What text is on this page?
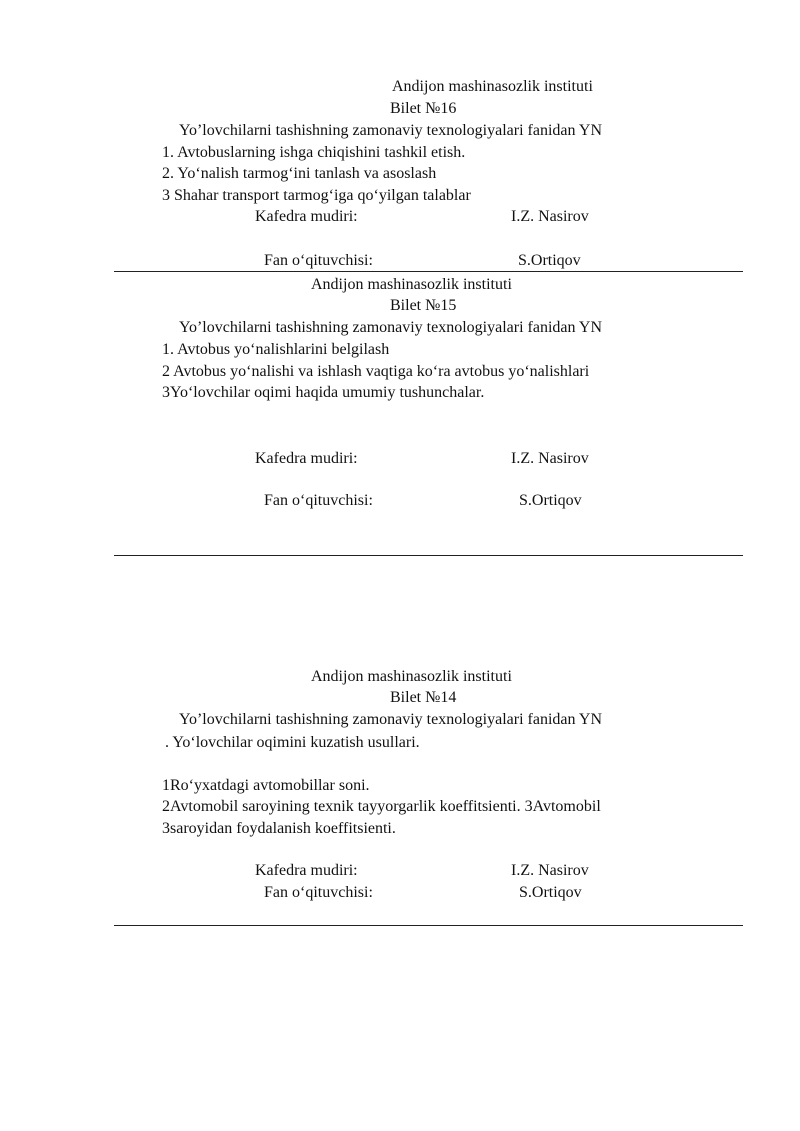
Andijon mashinasozlik instituti
Bilet №16
Yo’lovchilarni tashishning zamonaviy texnologiyalari fanidan YN
1. Avtobuslarning ishga chiqishini tashkil etish.
2. Yo‘nalish tarmog‘ini tanlash va asoslash
3 Shahar transport tarmog‘iga qo‘yilgan talablar
Kafedra mudiri:	I.Z. Nasirov
Fan o‘qituvchisi:	S.Ortiqov
Andijon mashinasozlik instituti
Bilet №15
Yo’lovchilarni tashishning zamonaviy texnologiyalari fanidan YN
1. Avtobus yo‘nalishlarini belgilash
2 Avtobus yo‘nalishi va ishlash vaqtiga ko‘ra avtobus yo‘nalishlari
3Yo‘lovchilar oqimi haqida umumiy tushunchalar.
Kafedra mudiri:	I.Z. Nasirov
Fan o‘qituvchisi:	S.Ortiqov
Andijon mashinasozlik instituti
Bilet №14
Yo’lovchilarni tashishning zamonaviy texnologiyalari fanidan YN
. Yo‘lovchilar oqimini kuzatish usullari.
1Ro‘yxatdagi avtomobillar soni.
2Avtomobil saroyining texnik tayyorgarlik koeffitsienti. 3Avtomobil
3saroyidan foydalanish koeffitsienti.
Kafedra mudiri:	I.Z. Nasirov
Fan o‘qituvchisi:	S.Ortiqov
